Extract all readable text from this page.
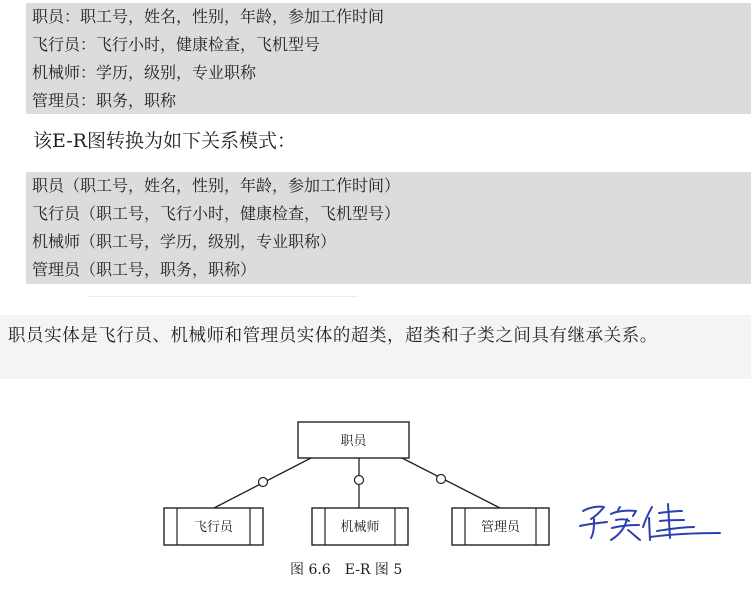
职员：职工号，姓名，性别，年龄，参加工作时间
飞行员：飞行小时，健康检查，飞机型号
机械师：学历，级别，专业职称
管理员：职务，职称
该E-R图转换为如下关系模式：
职员（职工号，姓名，性别，年龄，参加工作时间）
飞行员（职工号，飞行小时，健康检查，飞机型号）
机械师（职工号，学历，级别，专业职称）
管理员（职工号，职务，职称）
职员实体是飞行员、机械师和管理员实体的超类，超类和子类之间具有继承关系。
职员
飞行员	机械师	管理员
图 6.6　E-R 图 5
